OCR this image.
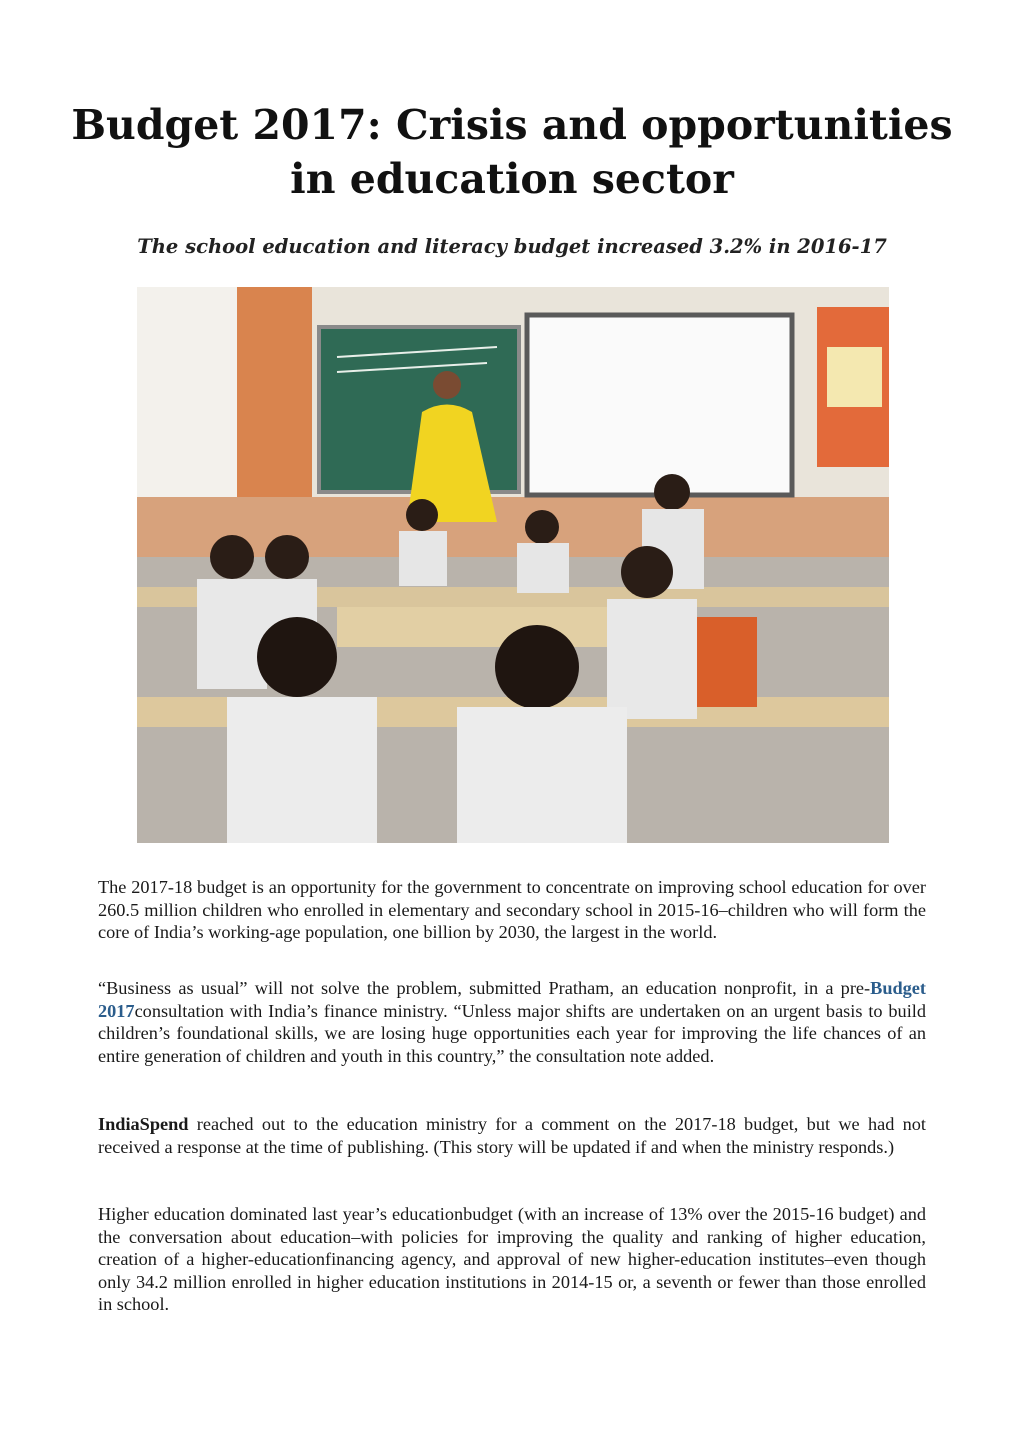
Budget 2017: Crisis and opportunities
in education sector

The school education and literacy budget increased 3.2% in 2016-17

The 2017-18 budget is an opportunity for the government to concentrate on improving school education for over 260.5 million children who enrolled in elementary and secondary school in 2015-16–children who will form the core of India’s working-age population, one billion by 2030, the largest in the world.

“Business as usual” will not solve the problem, submitted Pratham, an education nonprofit, in a pre-Budget 2017consultation with India’s finance ministry. “Unless major shifts are undertaken on an urgent basis to build children’s foundational skills, we are losing huge opportunities each year for improving the life chances of an entire generation of children and youth in this country,” the consultation note added.

IndiaSpend reached out to the education ministry for a comment on the 2017-18 budget, but we had not received a response at the time of publishing. (This story will be updated if and when the ministry responds.)

Higher education dominated last year’s educationbudget (with an increase of 13% over the 2015-16 budget) and the conversation about education–with policies for improving the quality and ranking of higher education, creation of a higher-educationfinancing agency, and approval of new higher-education institutes–even though only 34.2 million enrolled in higher education institutions in 2014-15 or, a seventh or fewer than those enrolled in school.
